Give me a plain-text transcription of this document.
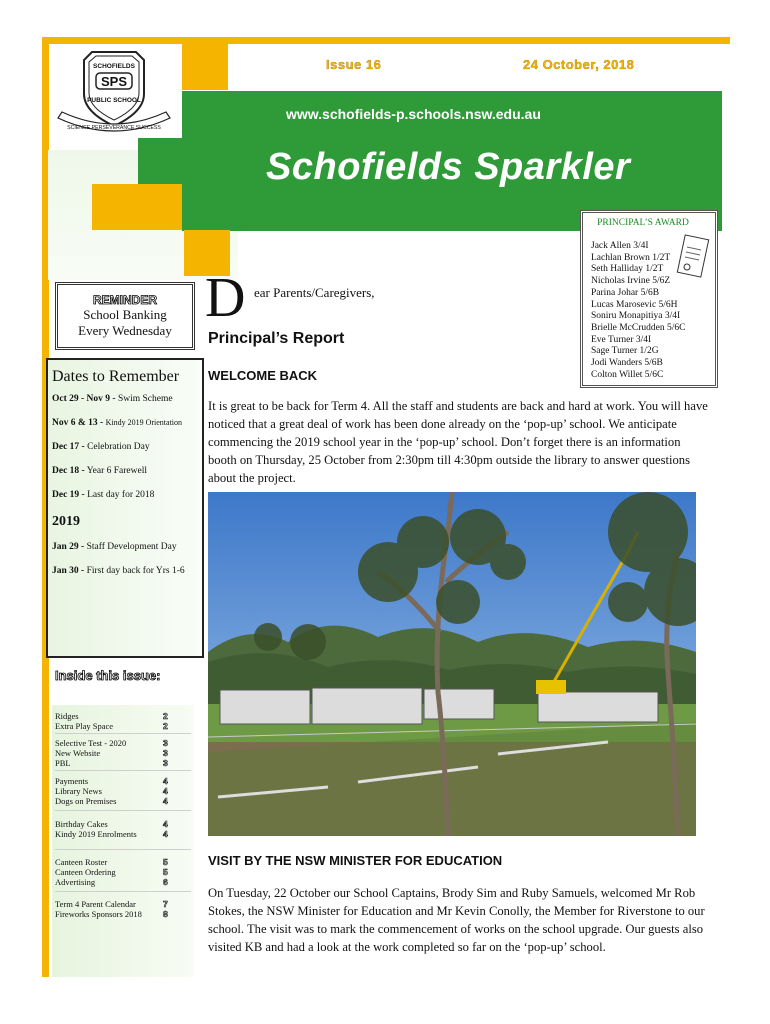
SCHOFIELDS
SPS
PUBLIC SCHOOL
SCIENCE PERSEVERANCE SUCCESS
Issue 16	24 October, 2018
www.schofields-p.schools.nsw.edu.au
Schofields Sparkler
REMINDER
School Banking
Every Wednesday
Dates to Remember
Oct 29 - Nov 9 - Swim Scheme
Nov 6 & 13 - Kindy 2019 Orientation
Dec 17 - Celebration Day
Dec 18 - Year 6 Farewell
Dec 19 - Last day for 2018
2019
Jan 29 - Staff Development Day
Jan 30 - First day back for Yrs 1-6
Inside this issue:
Ridges
Extra Play Space
2
2
Selective Test - 2020
New Website
PBL
3
3
3
Payments
Library News
Dogs on Premises
4
4
4
Birthday Cakes
Kindy 2019 Enrolments
4
4
Canteen Roster
Canteen Ordering
Advertising
5
5
6
Term 4 Parent Calendar
Fireworks Sponsors 2018
7
8
D ear Parents/Caregivers,
Principal’s Report
WELCOME BACK
It is great to be back for Term 4. All the staff and students are back and hard at work. You will have noticed that a great deal of work has been done already on the ‘pop-up’ school. We anticipate commencing the 2019 school year in the ‘pop-up’ school. Don’t forget there is an information booth on Thursday, 25 October from 2:30pm till 4:30pm outside the library to answer questions about the project.
PRINCIPAL’S AWARD
Jack Allen 3/4I
Lachlan Brown 1/2T
Seth Halliday 1/2T
Nicholas Irvine 5/6Z
Parina Johar 5/6B
Lucas Marosevic 5/6H
Soniru Monapitiya 3/4I
Brielle McCrudden 5/6C
Eve Turner 3/4I
Sage Turner 1/2G
Jodi Wanders 5/6B
Colton Willet 5/6C
VISIT BY THE NSW MINISTER FOR EDUCATION
On Tuesday, 22 October our School Captains, Brody Sim and Ruby Samuels, welcomed Mr Rob Stokes, the NSW Minister for Education and Mr Kevin Conolly, the Member for Riverstone to our school. The visit was to mark the commencement of works on the school upgrade. Our guests also visited KB and had a look at the work completed so far on the ‘pop-up’ school.
